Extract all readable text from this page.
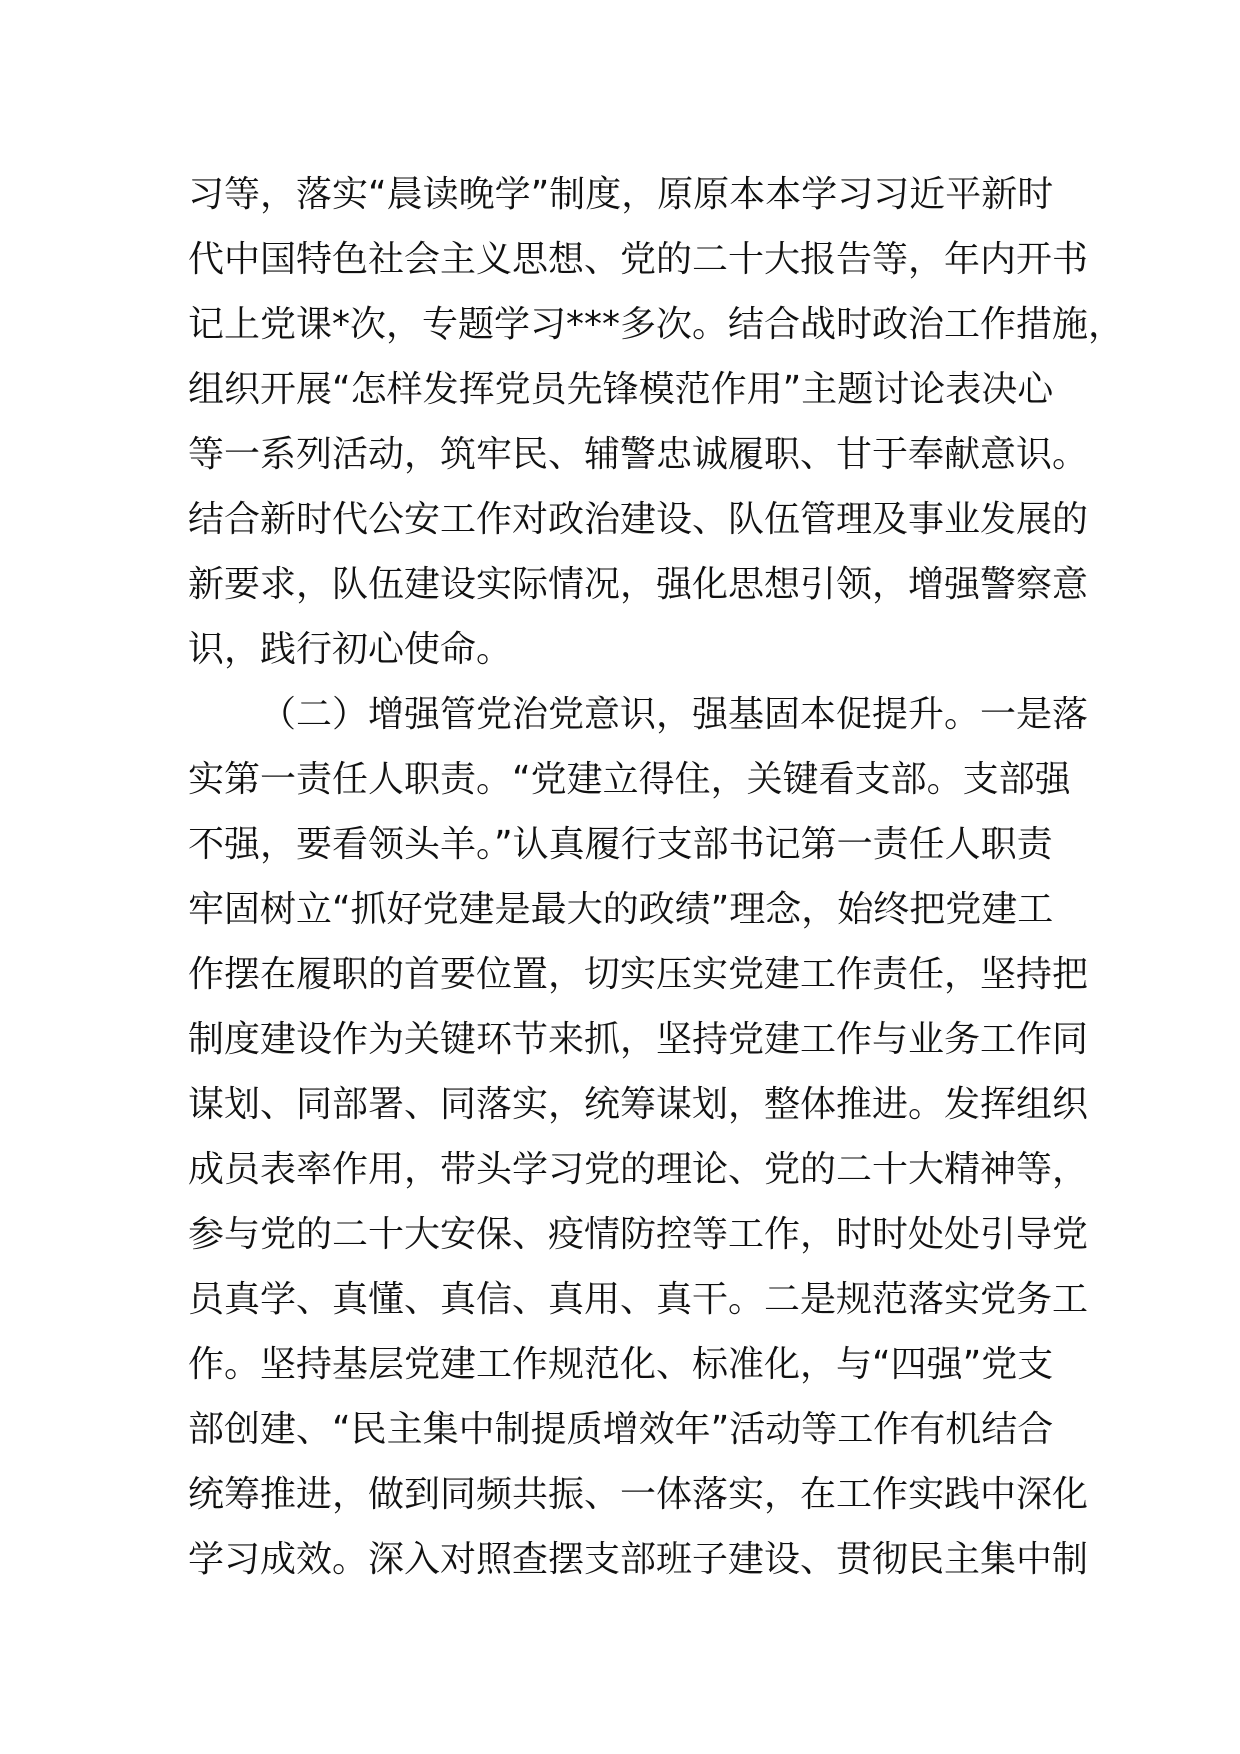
习等，落实“晨读晚学”制度，原原本本学习习近平新时
代中国特色社会主义思想、党的二十大报告等，年内开书
记上党课*次，专题学习***多次。结合战时政治工作措施，
组织开展“怎样发挥党员先锋模范作用”主题讨论表决心
等一系列活动，筑牢民、辅警忠诚履职、甘于奉献意识。
结合新时代公安工作对政治建设、队伍管理及事业发展的
新要求，队伍建设实际情况，强化思想引领，增强警察意
识，践行初心使命。
（二）增强管党治党意识，强基固本促提升。一是落
实第一责任人职责。“党建立得住，关键看支部。支部强
不强，要看领头羊。”认真履行支部书记第一责任人职责
牢固树立“抓好党建是最大的政绩”理念，始终把党建工
作摆在履职的首要位置，切实压实党建工作责任，坚持把
制度建设作为关键环节来抓，坚持党建工作与业务工作同
谋划、同部署、同落实，统筹谋划，整体推进。发挥组织
成员表率作用，带头学习党的理论、党的二十大精神等，
参与党的二十大安保、疫情防控等工作，时时处处引导党
员真学、真懂、真信、真用、真干。二是规范落实党务工
作。坚持基层党建工作规范化、标准化，与“四强”党支
部创建、“民主集中制提质增效年”活动等工作有机结合
统筹推进，做到同频共振、一体落实，在工作实践中深化
学习成效。深入对照查摆支部班子建设、贯彻民主集中制
